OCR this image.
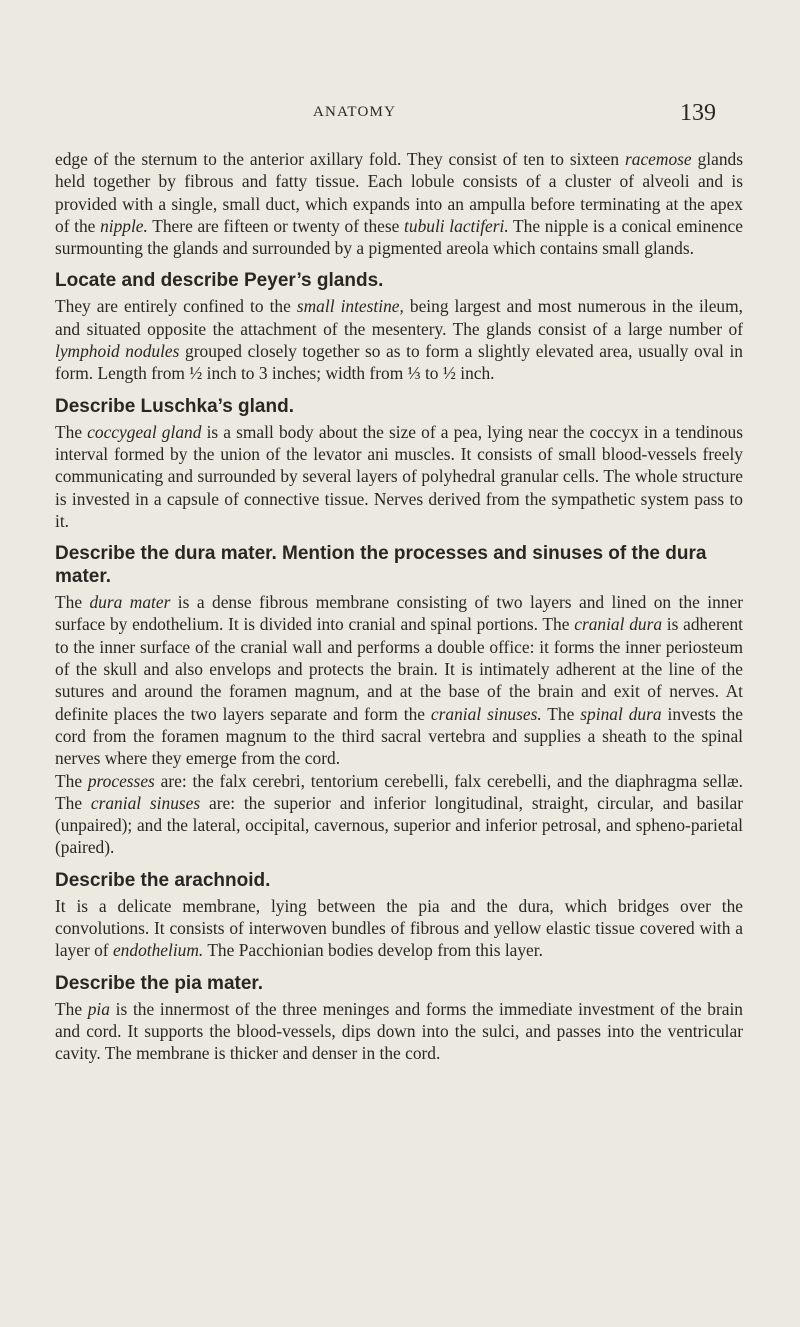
ANATOMY	139

edge of the sternum to the anterior axillary fold. They consist of ten to sixteen racemose glands held together by fibrous and fatty tissue. Each lobule consists of a cluster of alveoli and is provided with a single, small duct, which expands into an ampulla before terminating at the apex of the nipple. There are fifteen or twenty of these tubuli lactiferi. The nipple is a conical eminence surmounting the glands and surrounded by a pigmented areola which contains small glands.

Locate and describe Peyer’s glands.

They are entirely confined to the small intestine, being largest and most numerous in the ileum, and situated opposite the attachment of the mesentery. The glands consist of a large number of lymphoid nodules grouped closely together so as to form a slightly elevated area, usually oval in form. Length from ½ inch to 3 inches; width from ⅓ to ½ inch.

Describe Luschka’s gland.

The coccygeal gland is a small body about the size of a pea, lying near the coccyx in a tendinous interval formed by the union of the levator ani muscles. It consists of small blood-vessels freely communicating and surrounded by several layers of polyhedral granular cells. The whole structure is invested in a capsule of connective tissue. Nerves derived from the sympathetic system pass to it.

Describe the dura mater. Mention the processes and sinuses of the dura mater.

The dura mater is a dense fibrous membrane consisting of two layers and lined on the inner surface by endothelium. It is divided into cranial and spinal portions. The cranial dura is adherent to the inner surface of the cranial wall and performs a double office: it forms the inner periosteum of the skull and also envelops and protects the brain. It is intimately adherent at the line of the sutures and around the foramen magnum, and at the base of the brain and exit of nerves. At definite places the two layers separate and form the cranial sinuses. The spinal dura invests the cord from the foramen magnum to the third sacral vertebra and supplies a sheath to the spinal nerves where they emerge from the cord.

The processes are: the falx cerebri, tentorium cerebelli, falx cerebelli, and the diaphragma sellæ. The cranial sinuses are: the superior and inferior longitudinal, straight, circular, and basilar (unpaired); and the lateral, occipital, cavernous, superior and inferior petrosal, and spheno-parietal (paired).

Describe the arachnoid.

It is a delicate membrane, lying between the pia and the dura, which bridges over the convolutions. It consists of interwoven bundles of fibrous and yellow elastic tissue covered with a layer of endothelium. The Pacchionian bodies develop from this layer.

Describe the pia mater.

The pia is the innermost of the three meninges and forms the immediate investment of the brain and cord. It supports the blood-vessels, dips down into the sulci, and passes into the ventricular cavity. The membrane is thicker and denser in the cord.
